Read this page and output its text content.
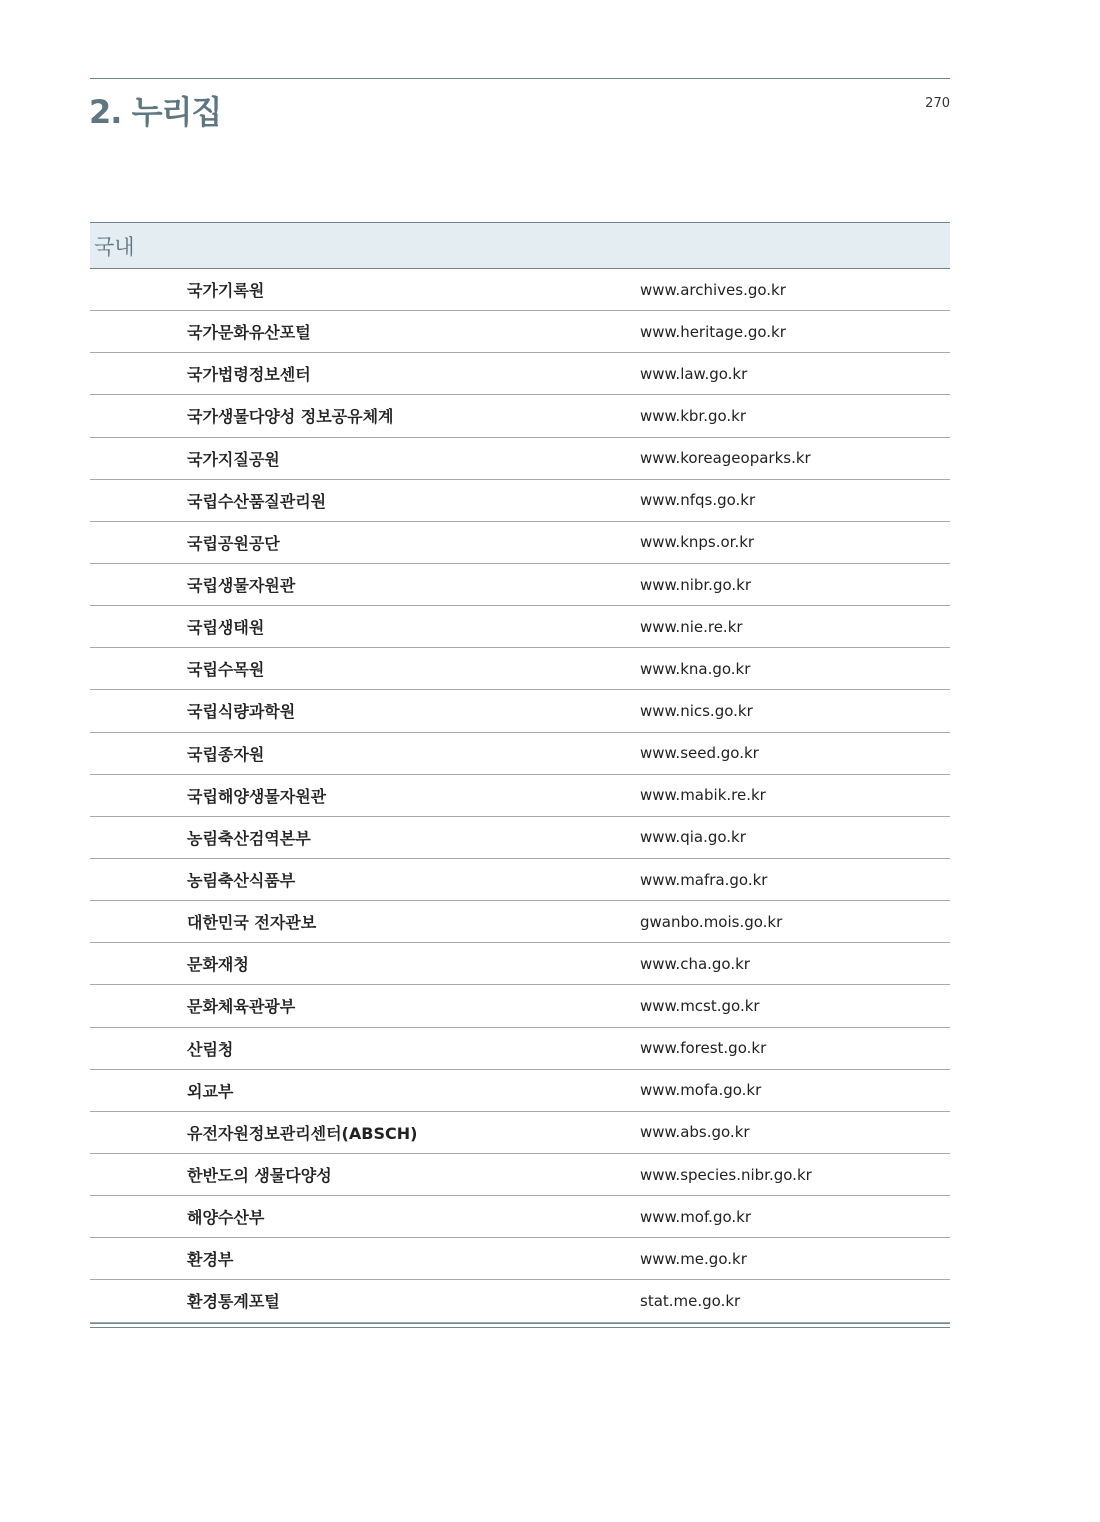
2. 누리집	270
국내
국가기록원	www.archives.go.kr
국가문화유산포털	www.heritage.go.kr
국가법령정보센터	www.law.go.kr
국가생물다양성 정보공유체계	www.kbr.go.kr
국가지질공원	www.koreageoparks.kr
국립수산품질관리원	www.nfqs.go.kr
국립공원공단	www.knps.or.kr
국립생물자원관	www.nibr.go.kr
국립생태원	www.nie.re.kr
국립수목원	www.kna.go.kr
국립식량과학원	www.nics.go.kr
국립종자원	www.seed.go.kr
국립해양생물자원관	www.mabik.re.kr
농림축산검역본부	www.qia.go.kr
농림축산식품부	www.mafra.go.kr
대한민국 전자관보	gwanbo.mois.go.kr
문화재청	www.cha.go.kr
문화체육관광부	www.mcst.go.kr
산림청	www.forest.go.kr
외교부	www.mofa.go.kr
유전자원정보관리센터(ABSCH)	www.abs.go.kr
한반도의 생물다양성	www.species.nibr.go.kr
해양수산부	www.mof.go.kr
환경부	www.me.go.kr
환경통계포털	stat.me.go.kr
